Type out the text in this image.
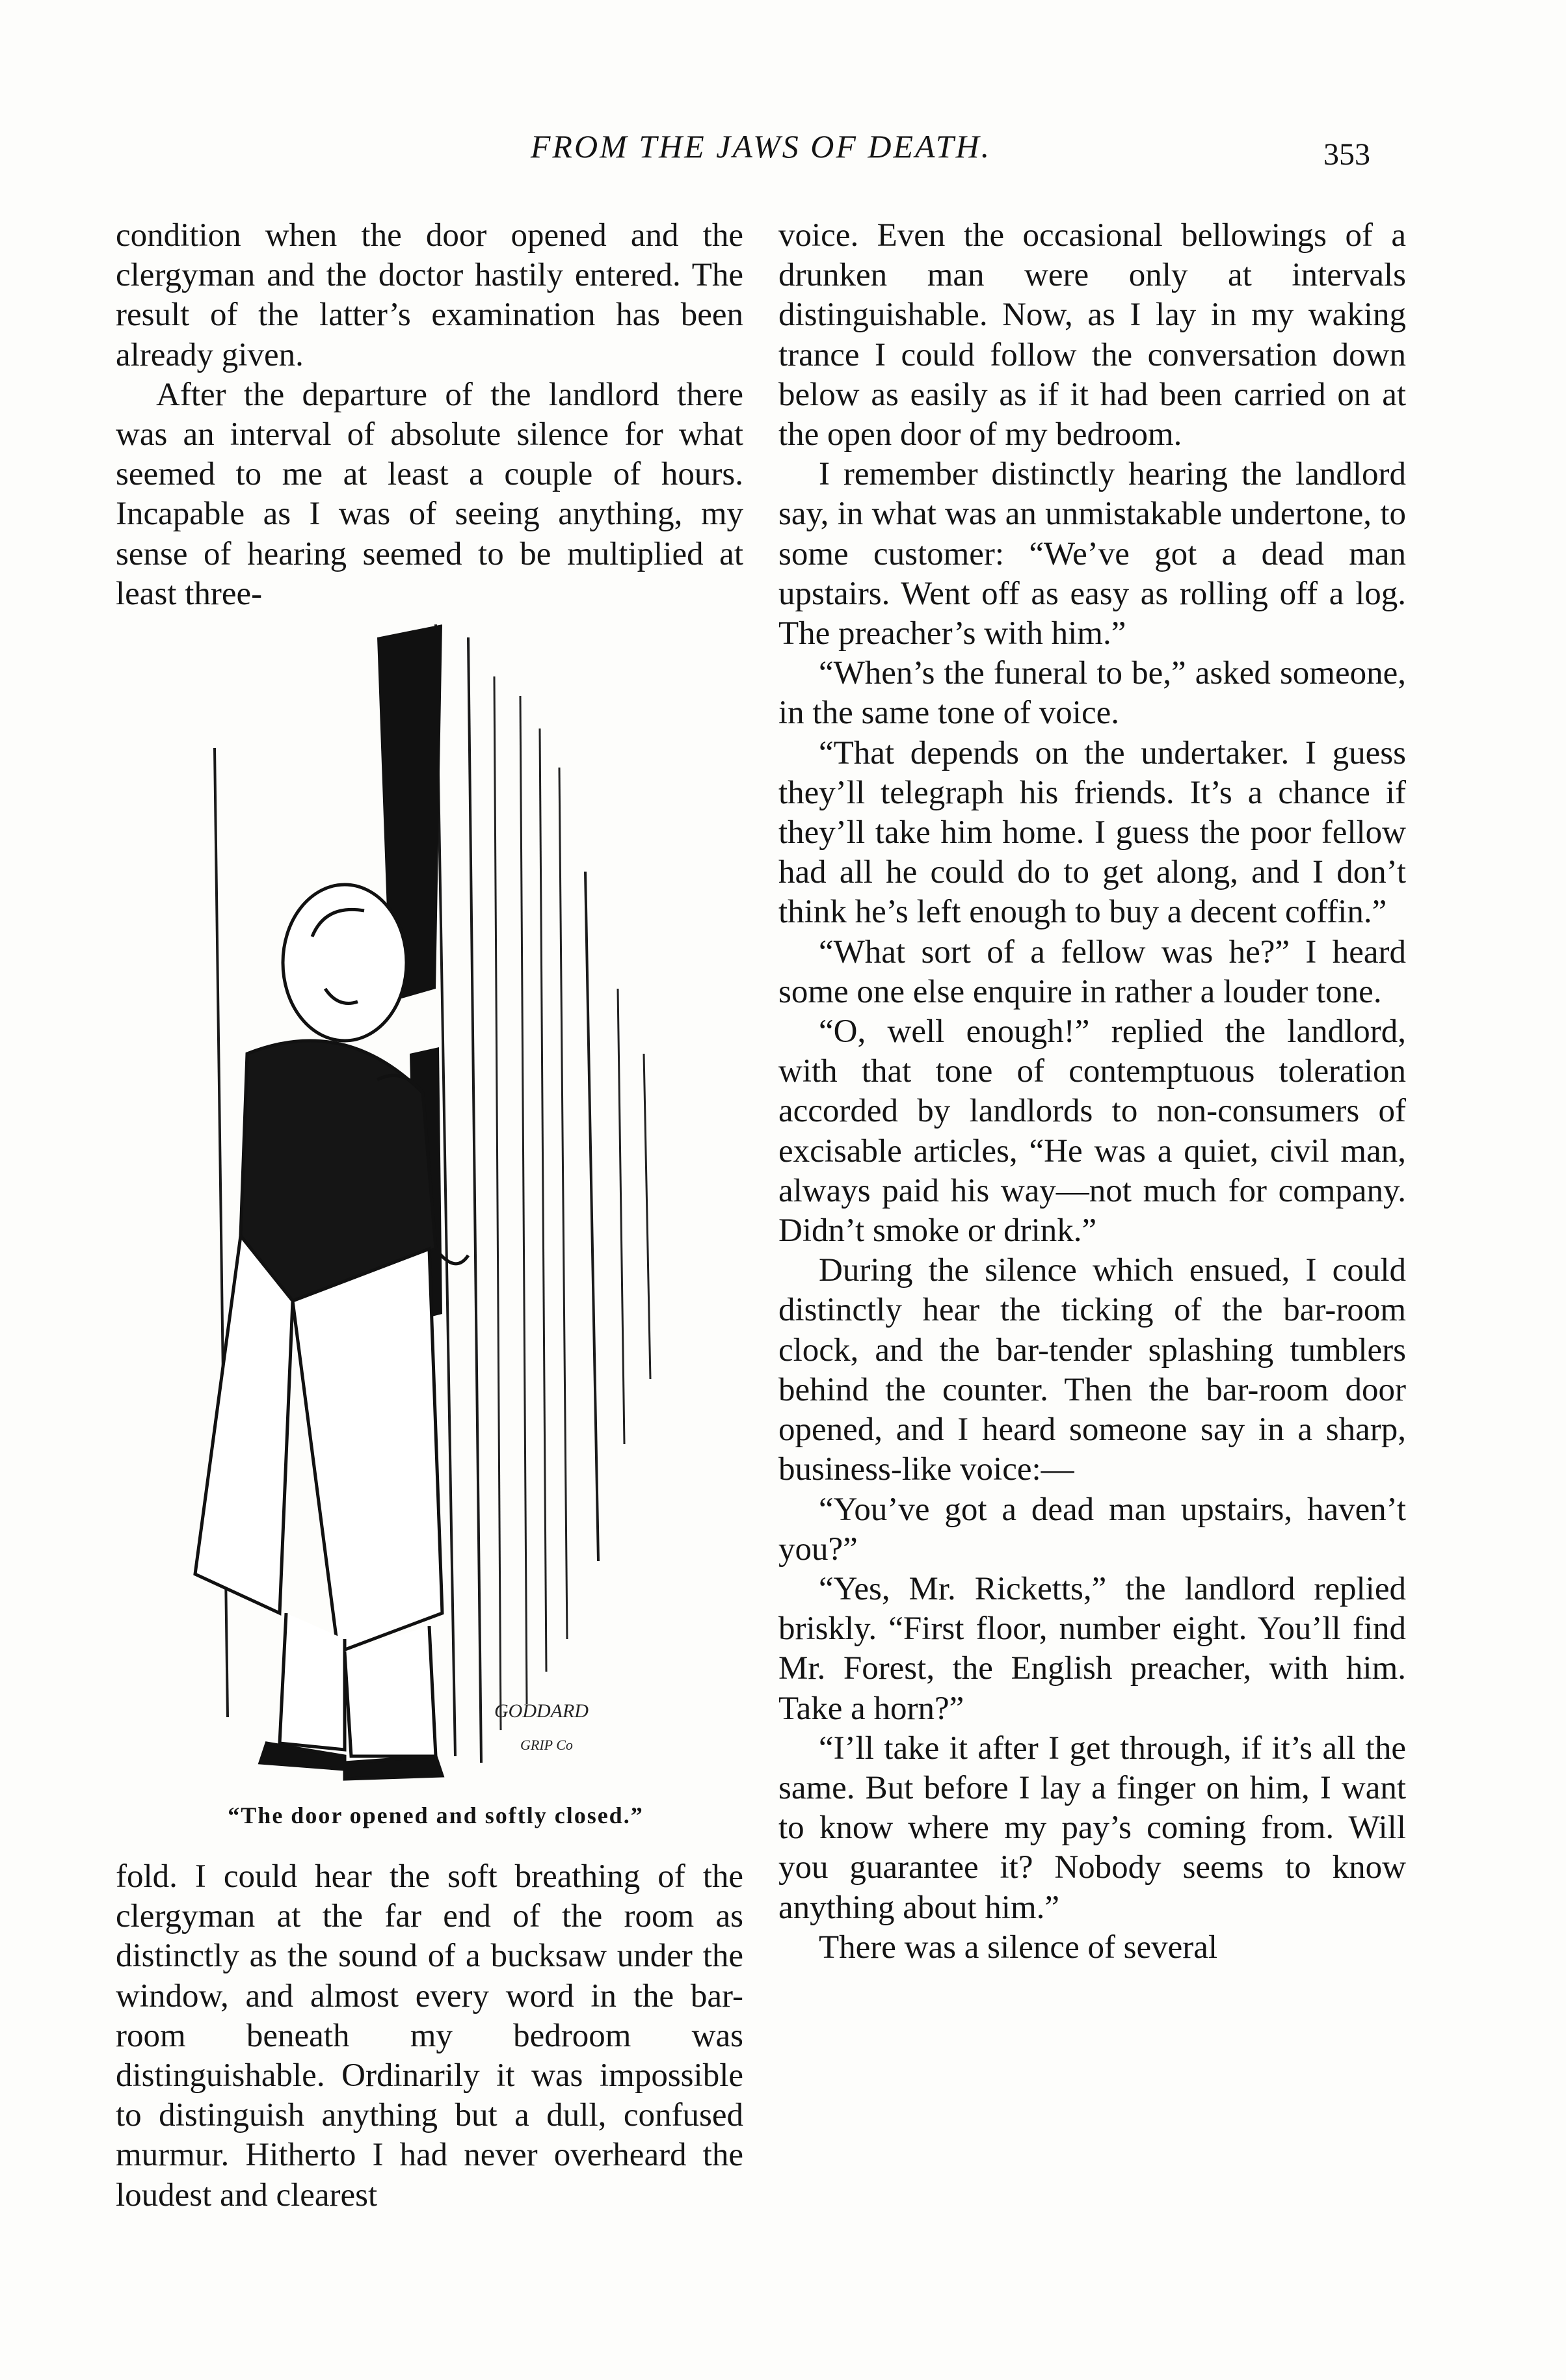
FROM THE JAWS OF DEATH.	353

condition when the door opened and the clergyman and the doctor hastily entered. The result of the latter’s examination has been already given.

After the departure of the landlord there was an interval of absolute silence for what seemed to me at least a couple of hours. Incapable as I was of seeing anything, my sense of hearing seemed to be multiplied at least three-

GODDARD
GRIP Co
“The door opened and softly closed.”

fold. I could hear the soft breathing of the clergyman at the far end of the room as distinctly as the sound of a bucksaw under the window, and almost every word in the bar-room beneath my bedroom was distinguishable. Ordinarily it was impossible to distinguish anything but a dull, confused murmur. Hitherto I had never overheard the loudest and clearest

voice. Even the occasional bellowings of a drunken man were only at intervals distinguishable. Now, as I lay in my waking trance I could follow the conversation down below as easily as if it had been carried on at the open door of my bedroom.

I remember distinctly hearing the landlord say, in what was an unmistakable undertone, to some customer: “We’ve got a dead man upstairs. Went off as easy as rolling off a log. The preacher’s with him.”

“When’s the funeral to be,” asked someone, in the same tone of voice.

“That depends on the undertaker. I guess they’ll telegraph his friends. It’s a chance if they’ll take him home. I guess the poor fellow had all he could do to get along, and I don’t think he’s left enough to buy a decent coffin.”

“What sort of a fellow was he?” I heard some one else enquire in rather a louder tone.

“O, well enough!” replied the landlord, with that tone of contemptuous toleration accorded by landlords to non-consumers of excisable articles, “He was a quiet, civil man, always paid his way—not much for company. Didn’t smoke or drink.”

During the silence which ensued, I could distinctly hear the ticking of the bar-room clock, and the bar-tender splashing tumblers behind the counter. Then the bar-room door opened, and I heard someone say in a sharp, business-like voice:—

“You’ve got a dead man upstairs, haven’t you?”

“Yes, Mr. Ricketts,” the landlord replied briskly. “First floor, number eight. You’ll find Mr. Forest, the English preacher, with him. Take a horn?”

“I’ll take it after I get through, if it’s all the same. But before I lay a finger on him, I want to know where my pay’s coming from. Will you guarantee it? Nobody seems to know anything about him.”

There was a silence of several
